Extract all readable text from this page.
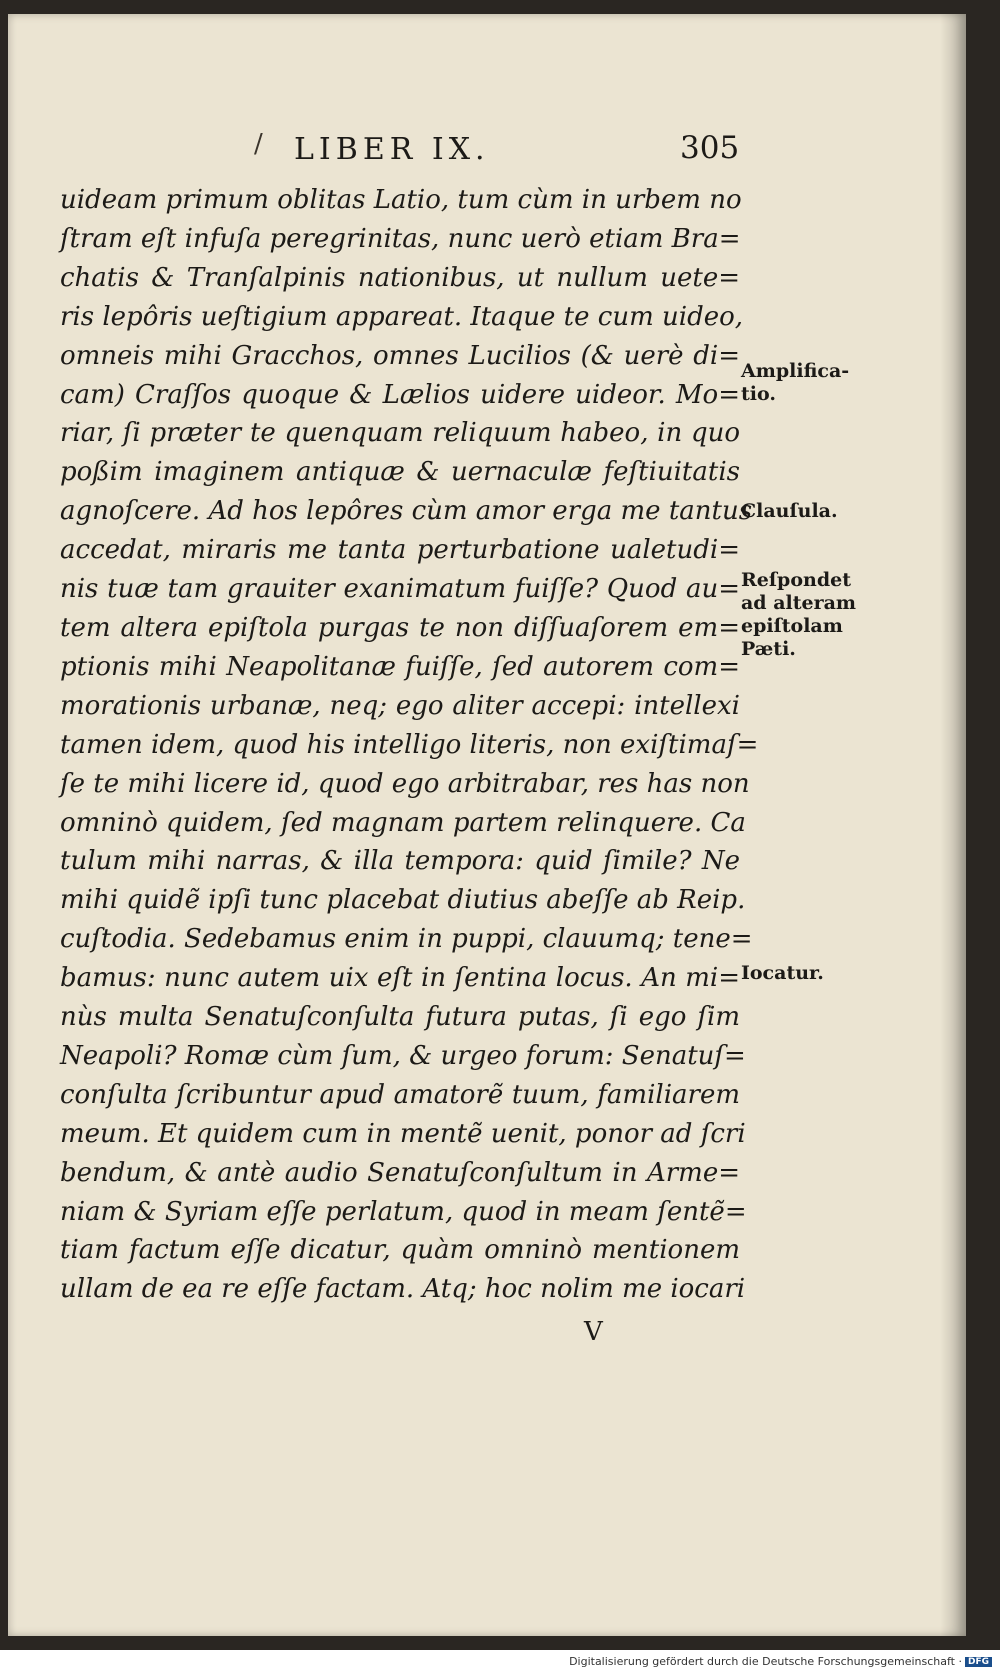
/ LIBER IX.	305
uideam primum oblitas Latio, tum cùm in urbem no
ſtram eſt infuſa peregrinitas, nunc uerò etiam Bra=
chatis & Tranſalpinis nationibus, ut nullum uete=
ris lepôris ueſtigium appareat. Itaque te cum uideo,
omneis mihi Gracchos, omnes Lucilios (& uerè di=
cam) Craſſos quoque & Lælios uidere uideor. Mo=
riar, ſi præter te quenquam reliquum habeo, in quo
poßim imaginem antiquæ & uernaculæ feſtiuitatis
agnoſcere. Ad hos lepôres cùm amor erga me tantus
accedat, miraris me tanta perturbatione ualetudi=
nis tuæ tam grauiter exanimatum fuiſſe? Quod au=
tem altera epiſtola purgas te non diſſuaſorem em=
ptionis mihi Neapolitanæ fuiſſe, ſed autorem com=
morationis urbanæ, neq; ego aliter accepi: intellexi
tamen idem, quod his intelligo literis, non exiſtimaſ=
ſe te mihi licere id, quod ego arbitrabar, res has non
omninò quidem, ſed magnam partem relinquere. Ca
tulum mihi narras, & illa tempora: quid ſimile? Ne
mihi quidẽ ipſi tunc placebat diutius abeſſe ab Reip.
cuſtodia. Sedebamus enim in puppi, clauumq; tene=
bamus: nunc autem uix eſt in ſentina locus. An mi=
nùs multa Senatuſconſulta futura putas, ſi ego ſim
Neapoli? Romæ cùm ſum, & urgeo forum: Senatuſ=
conſulta ſcribuntur apud amatorẽ tuum, familiarem
meum. Et quidem cum in mentẽ uenit, ponor ad ſcri
bendum, & antè audio Senatuſconſultum in Arme=
niam & Syriam eſſe perlatum, quod in meam ſentẽ=
tiam factum eſſe dicatur, quàm omninò mentionem
ullam de ea re eſſe factam. Atq; hoc nolim me iocari
Amplifica‐
tio.
Clauſula.
Reſpondet
ad alteram
epiſtolam
Pæti.
Iocatur.
V
Digitalisierung gefördert durch die Deutsche Forschungsgemeinschaft · DFG
